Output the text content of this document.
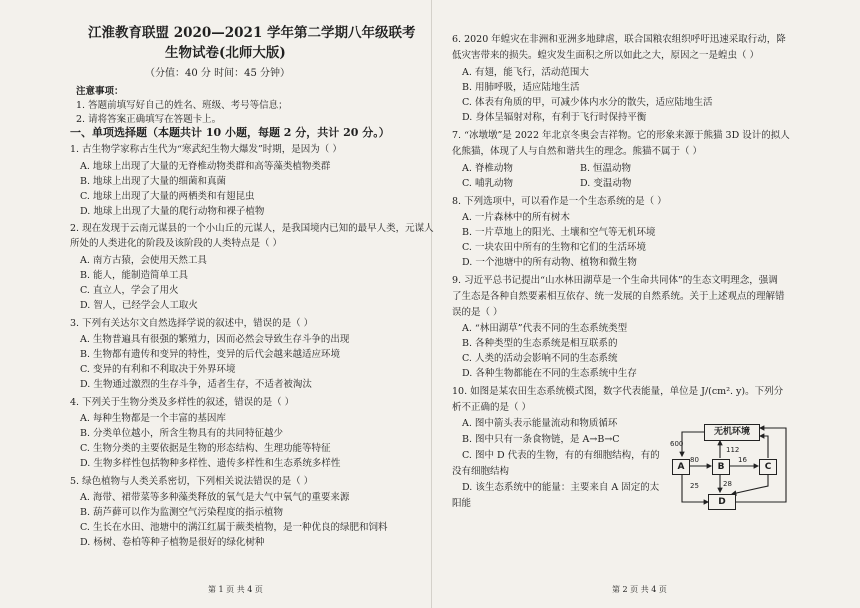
江淮教育联盟 2020—2021 学年第二学期八年级联考
生物试卷(北师大版)
（分值：40 分 时间：45 分钟）
注意事项：
1. 答题前填写好自己的姓名、班级、考号等信息；
2. 请将答案正确填写在答题卡上。
一、单项选择题（本题共计 10 小题，每题 2 分，共计 20 分。）
1. 古生物学家称古生代为“寒武纪生物大爆发”时期，是因为（ ）
A. 地球上出现了大量的无脊椎动物类群和高等藻类植物类群
B. 地球上出现了大量的细菌和真菌
C. 地球上出现了大量的两栖类和有翅昆虫
D. 地球上出现了大量的爬行动物和裸子植物
2. 现在发现于云南元谋县的一个小山丘的元谋人，是我国境内已知的最早人类，元谋人
所处的人类进化的阶段及该阶段的人类特点是（ ）
A. 南方古猿，会使用天然工具
B. 能人，能制造简单工具
C. 直立人，学会了用火
D. 智人，已经学会人工取火
3. 下列有关达尔文自然选择学说的叙述中，错误的是（ ）
A. 生物普遍具有很强的繁殖力，因而必然会导致生存斗争的出现
B. 生物都有遗传和变异的特性，变异的后代会越来越适应环境
C. 变异的有利和不利取决于外界环境
D. 生物通过激烈的生存斗争，适者生存，不适者被淘汰
4. 下列关于生物分类及多样性的叙述，错误的是（ ）
A. 每种生物都是一个丰富的基因库
B. 分类单位越小，所含生物具有的共同特征越少
C. 生物分类的主要依据是生物的形态结构、生理功能等特征
D. 生物多样性包括物种多样性、遗传多样性和生态系统多样性
5. 绿色植物与人类关系密切，下列相关说法错误的是（ ）
A. 海带、裙带菜等多种藻类释放的氧气是大气中氧气的重要来源
B. 葫芦藓可以作为监测空气污染程度的指示植物
C. 生长在水田、池塘中的满江红属于蕨类植物，是一种优良的绿肥和饲料
D. 杨树、卷柏等种子植物是很好的绿化树种
第 1 页 共 4 页
6. 2020 年蝗灾在非洲和亚洲多地肆虐，联合国粮农组织呼吁迅速采取行动，降
低灾害带来的损失。蝗灾发生面积之所以如此之大，原因之一是蝗虫（ ）
A. 有翅，能飞行，活动范围大
B. 用肺呼吸，适应陆地生活
C. 体表有角质的甲，可减少体内水分的散失，适应陆地生活
D. 身体呈辐射对称，有利于飞行时保持平衡
7. “冰墩墩”是 2022 年北京冬奥会吉祥物。它的形象来源于熊猫 3D 设计的拟人
化熊猫，体现了人与自然和谐共生的理念。熊猫不属于（ ）
A. 脊椎动物	B. 恒温动物
C. 哺乳动物	D. 变温动物
8. 下列选项中，可以看作是一个生态系统的是（ ）
A. 一片森林中的所有树木
B. 一片草地上的阳光、土壤和空气等无机环境
C. 一块农田中所有的生物和它们的生活环境
D. 一个池塘中的所有动物、植物和微生物
9. 习近平总书记提出“山水林田湖草是一个生命共同体”的生态文明理念，强调
了生态是各种自然要素相互依存、统一发展的自然系统。关于上述观点的理解错
误的是（ ）
A. “林田湖草”代表不同的生态系统类型
B. 各种类型的生态系统是相互联系的
C. 人类的活动会影响不同的生态系统
D. 各种生物都能在不同的生态系统中生存
10. 如图是某农田生态系统模式图，数字代表能量，单位是 J/(cm². y)。下列分
析不正确的是（ ）
A. 图中箭头表示能量流动和物质循环
B. 图中只有一条食物链，是 A→B→C
C. 图中 D 代表的生物，有的有细胞结构，有的
没有细胞结构
D. 该生态系统中的能量：主要来自 A 固定的太
阳能
第 2 页 共 4 页
无机环境
A	B	C
D
600
112
80	16
25	28
